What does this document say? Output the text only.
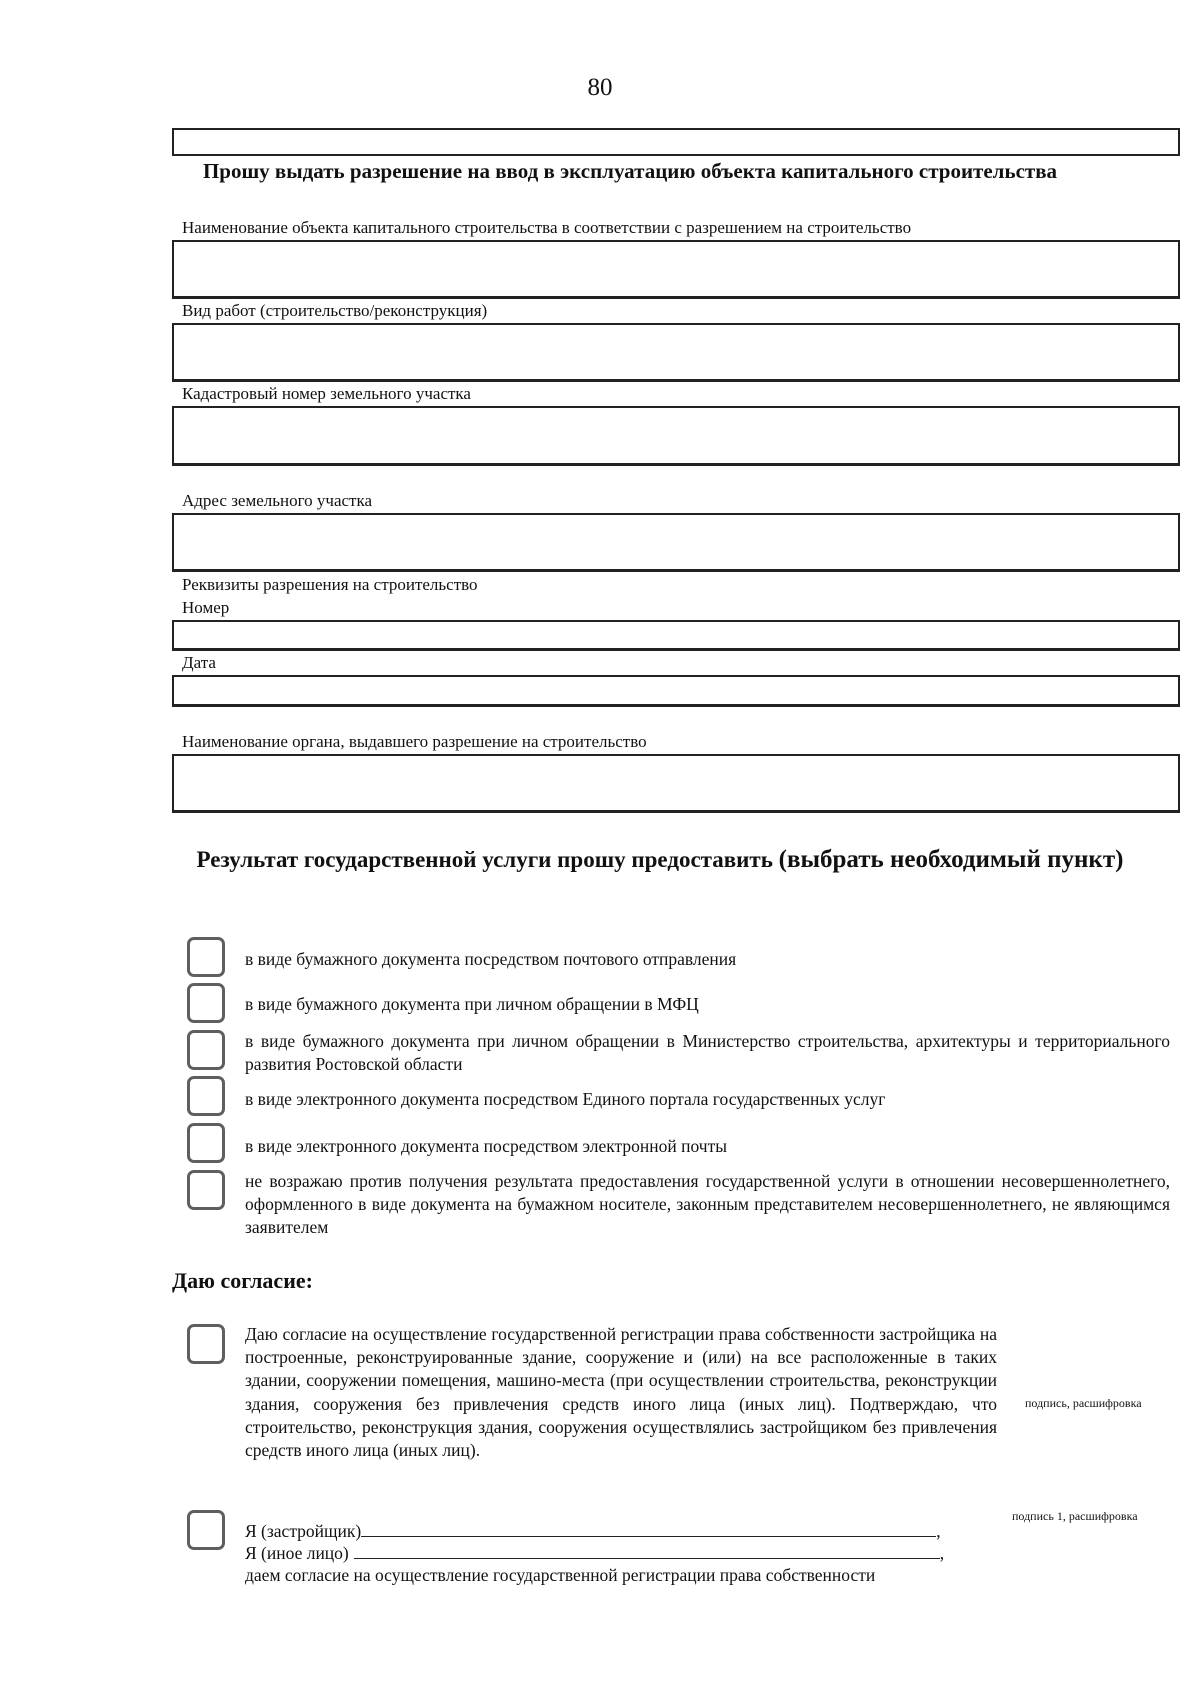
80
Прошу выдать разрешение на ввод в эксплуатацию объекта капитального строительства
Наименование объекта капитального строительства в соответствии с разрешением на строительство
Вид работ (строительство/реконструкция)
Кадастровый номер земельного участка
Адрес земельного участка
Реквизиты разрешения на строительство
Номер
Дата
Наименование органа, выдавшего разрешение на строительство
Результат государственной услуги прошу предоставить (выбрать необходимый пункт)
в виде бумажного документа посредством почтового отправления
в виде бумажного документа при личном обращении в МФЦ
в виде бумажного документа при личном обращении в Министерство строительства, архитектуры и территориального развития Ростовской области
в виде электронного документа посредством Единого портала государственных услуг
в виде электронного документа посредством электронной почты
не возражаю против получения результата предоставления государственной услуги в отношении несовершеннолетнего, оформленного в виде документа на бумажном носителе, законным представителем несовершеннолетнего, не являющимся заявителем
Даю согласие:
Даю согласие на осуществление государственной регистрации права собственности застройщика на построенные, реконструированные здание, сооружение и (или) на все расположенные в таких здании, сооружении помещения, машино-места (при осуществлении строительства, реконструкции здания, сооружения без привлечения средств иного лица (иных лиц). Подтверждаю, что строительство, реконструкция здания, сооружения осуществлялись застройщиком без привлечения средств иного лица (иных лиц).
подпись, расшифровка
подпись 1, расшифровка
Я (застройщик)	,
Я (иное лицо)	,
даем согласие на осуществление государственной регистрации права собственности
